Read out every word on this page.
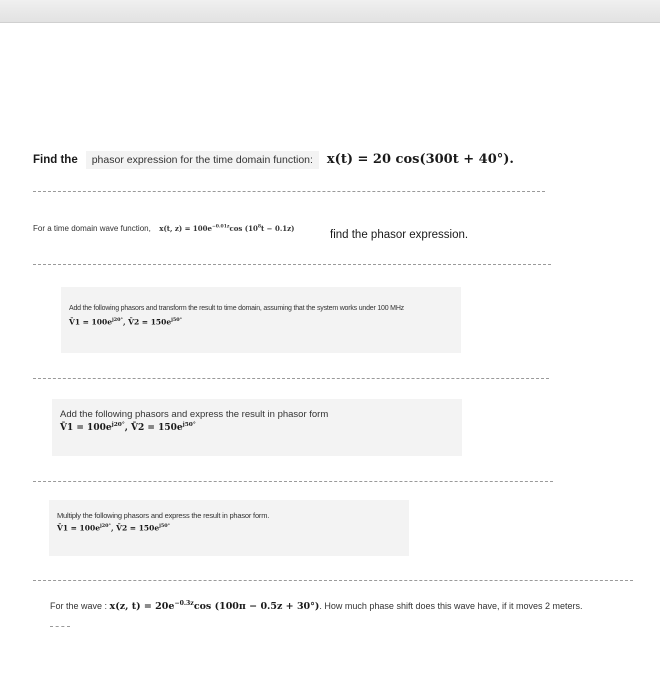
Find the phasor expression for the time domain function: x(t) = 20 cos(300t + 40°).
For a time domain wave function, x(t, $z) = 100e^{-0.01z}\cos$ $(10^8t - 0.1z)$
find the phasor expression.
Add the following phasors and transform the result to time domain, assuming that the system works under 100 MHz
V̄1 = $100e^{j20^\circ}$, V̄2 = $150e^{j50^\circ}$
Add the following phasors and express the result in phasor form
V̄1 = $100e^{j20^\circ}$, V̄2 = $150e^{j50^\circ}$
Multiply the following phasors and express the result in phasor form.
V̄1 = $100e^{j20^\circ}$, V̄2 = $150e^{j50^\circ}$
For the wave : x(z, $t) = 20e^{-0.3z}\cos$ (100π − 0.5z + 30°). How much phase shift does this wave have, if it moves 2 meters.
